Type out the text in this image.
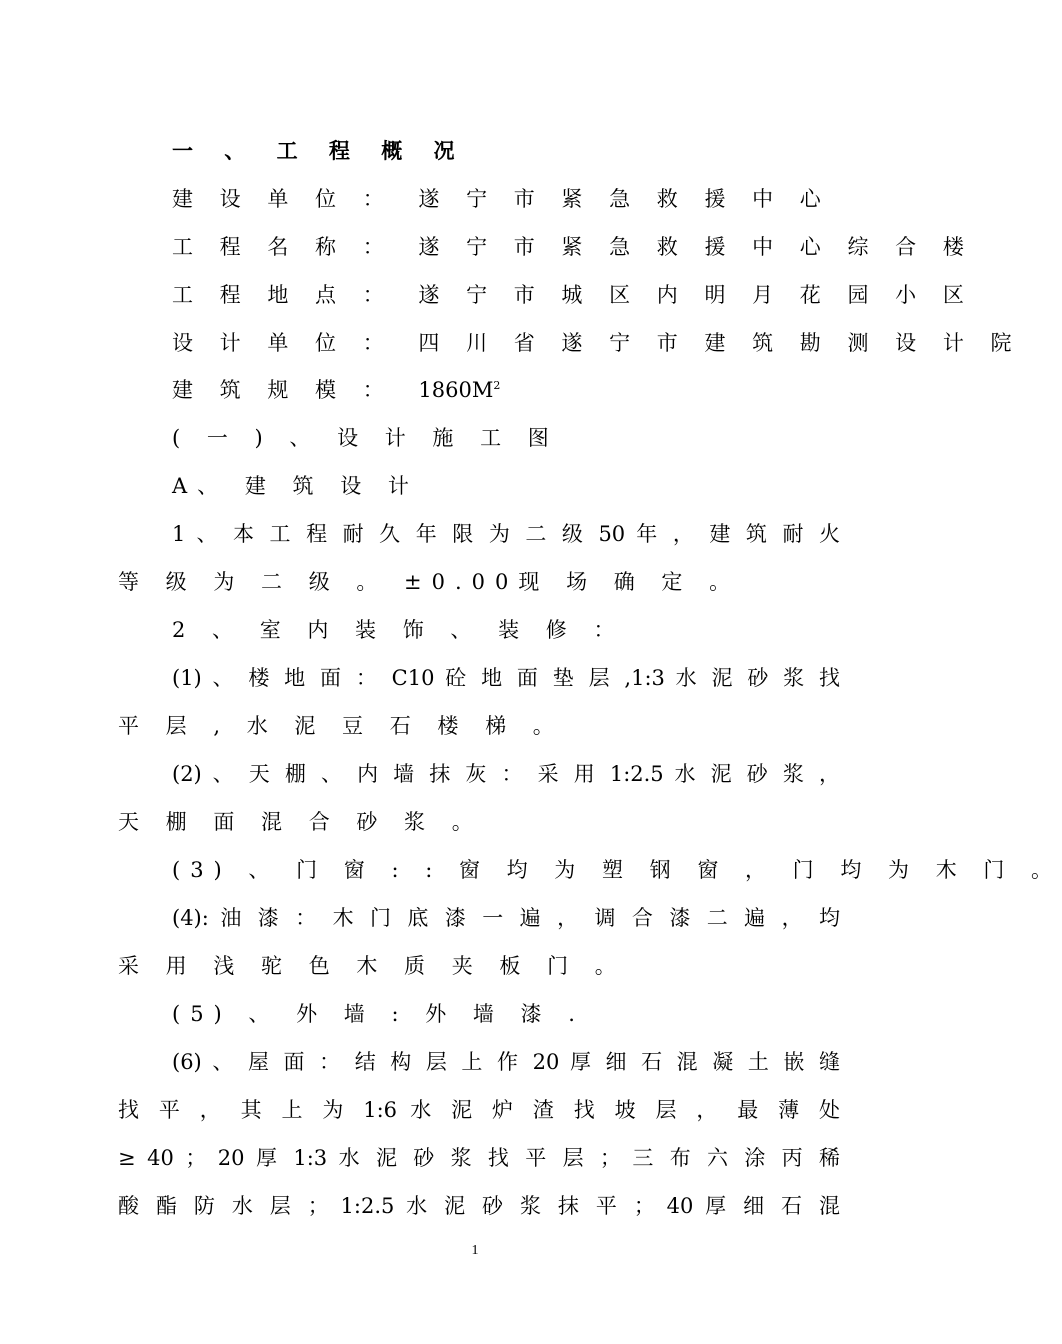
一 、 工 程 概 况
建 设 单 位 ： 遂 宁 市 紧 急 救 援 中 心
工 程 名 称 ： 遂 宁 市 紧 急 救 援 中 心 综 合 楼
工 程 地 点 ： 遂 宁 市 城 区 内 明 月 花 园 小 区
设 计 单 位 ： 四 川 省 遂 宁 市 建 筑 勘 测 设 计 院
建 筑 规 模 ： $1860M^2$
( 一 ) 、 设 计 施 工 图
A、 建 筑 设 计
1 、 本 工 程 耐 久 年 限 为 二 级 50 年 ， 建 筑 耐 火
等 级 为 二 级 。 ±0.00现 场 确 定 。
2 、 室 内 装 饰 、 装 修 ：
(1) 、 楼 地 面 ： C10 砼 地 面 垫 层 ,1:3 水 泥 砂 浆 找
平 层 , 水 泥 豆 石 楼 梯 。
(2) 、 天 棚 、 内 墙 抹 灰 ： 采 用 1:2.5 水 泥 砂 浆 ，
天 棚 面 混 合 砂 浆 。
(3) 、 门 窗 : : 窗 均 为 塑 钢 窗 ， 门 均 为 木 门 。
(4): 油 漆 ： 木 门 底 漆 一 遍 ， 调 合 漆 二 遍 ， 均
采 用 浅 驼 色 木 质 夹 板 门 。
(5) 、 外 墙 : 外 墙 漆 .
(6) 、 屋 面 ： 结 构 层 上 作 20 厚 细 石 混 凝 土 嵌 缝
找 平 ， 其 上 为 1:6 水 泥 炉 渣 找 坡 层 ， 最 薄 处
≥ 40 ； 20 厚 1:3 水 泥 砂 浆 找 平 层 ； 三 布 六 涂 丙 稀
酸 酯 防 水 层 ； 1:2.5 水 泥 砂 浆 抹 平 ； 40 厚 细 石 混
1
